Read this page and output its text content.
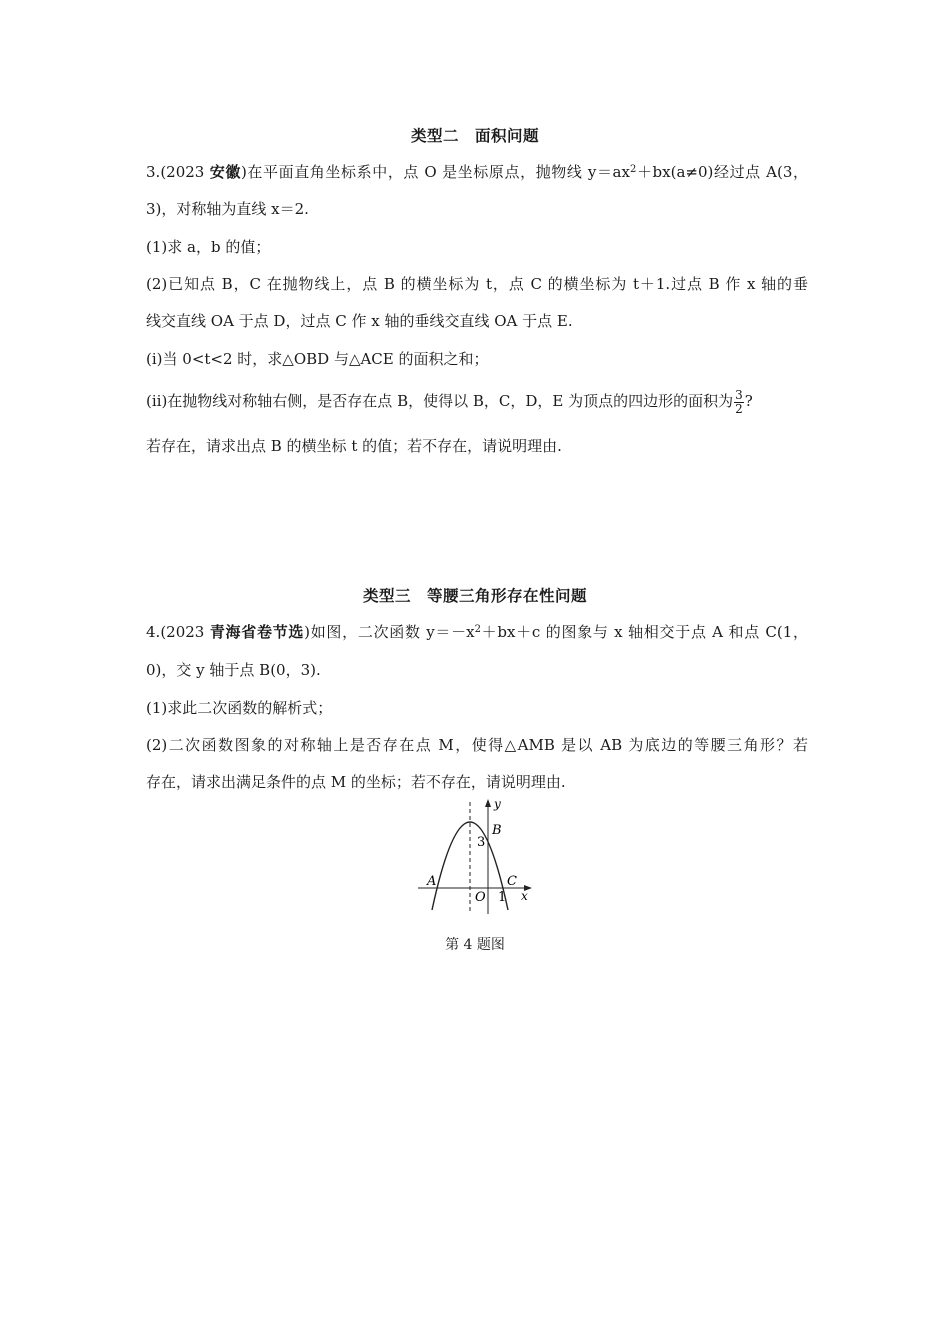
类型二　面积问题
3.(2023 安徽)在平面直角坐标系中，点 O 是坐标原点，抛物线 $y=ax^2+bx(a\ne 0)$经过点 A(3，
3)，对称轴为直线 x＝2.
(1)求 a，b 的值；
(2)已知点 B，C 在抛物线上，点 B 的横坐标为 t，点 C 的横坐标为 t＋1.过点 B 作 x 轴的垂
线交直线 OA 于点 D，过点 C 作 x 轴的垂线交直线 OA 于点 E.
(ⅰ)当 0<t<2 时，求△OBD 与△ACE 的面积之和；
(ⅱ)在抛物线对称轴右侧，是否存在点 B，使得以 B，C，D，E 为顶点的四边形的面积为 $\frac{3}{2}$ ?
若存在，请求出点 B 的横坐标 t 的值；若不存在，请说明理由.
类型三　等腰三角形存在性问题
4.(2023 青海省卷节选)如图，二次函数 $y=-x^2+bx+c$ 的图象与 x 轴相交于点 A 和点 C(1，
0)，交 y 轴于点 B(0，3).
(1)求此二次函数的解析式；
(2)二次函数图象的对称轴上是否存在点 M，使得△AMB 是以 AB 为底边的等腰三角形？若
存在，请求出满足条件的点 M 的坐标；若不存在，请说明理由.
y
x
B
3
A	C
O 1
第 4 题图
